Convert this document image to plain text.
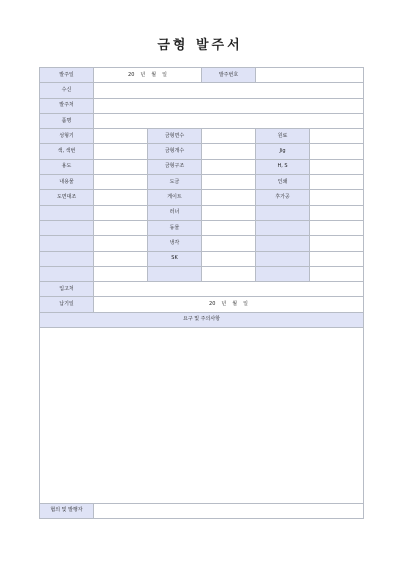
금형 발주서
발주일	20 년 월 일		발주번호		
수신					
발주처					
품명					
성형기		금형면수		원료	
색, 색번		금형개수		Jig	
용도		금형구조		H, S	
내용물		도금		인쇄	
도면대조		게이트		후가공	
		러너			
		동물			
		냉각			
		SK			

입고처					
납기일	20 년 월 일				
요구 및 주의사항					

협의 및 발행자					
